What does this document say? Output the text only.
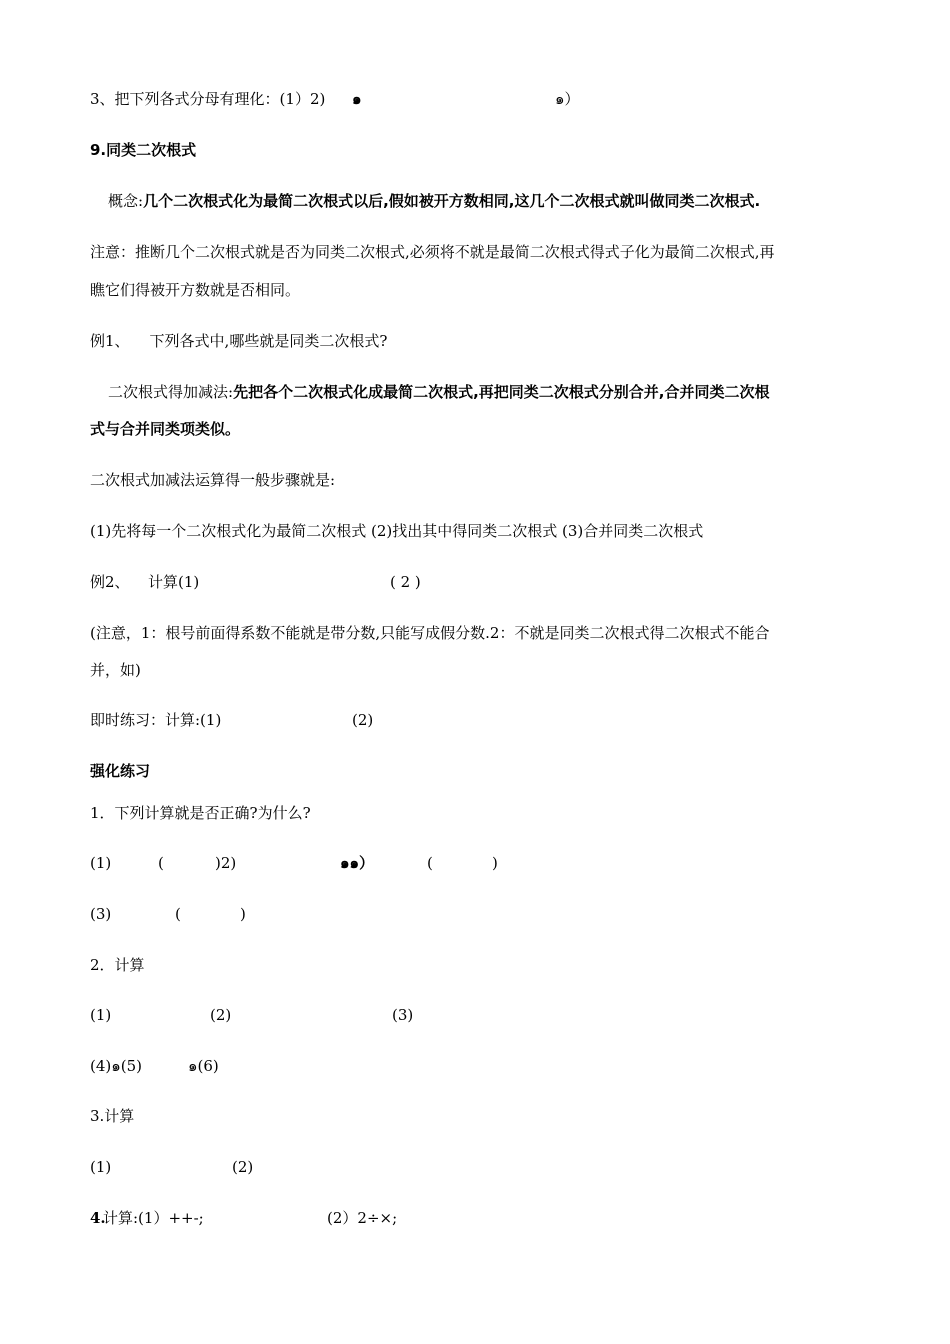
3、把下列各式分母有理化：(1）2) ๑	๑）
9.同类二次根式
概念:几个二次根式化为最简二次根式以后,假如被开方数相同,这几个二次根式就叫做同类二次根式.
注意：推断几个二次根式就是否为同类二次根式,必须将不就是最简二次根式得式子化为最简二次根式,再
瞧它们得被开方数就是否相同。
例1、 下列各式中,哪些就是同类二次根式?
二次根式得加减法:先把各个二次根式化成最简二次根式,再把同类二次根式分别合并,合并同类二次根
式与合并同类项类似。
二次根式加减法运算得一般步骤就是:
(1)先将每一个二次根式化为最简二次根式 (2)找出其中得同类二次根式 (3)合并同类二次根式
例2、 计算(1)	( 2 )
(注意，1：根号前面得系数不能就是带分数,只能写成假分数.2：不就是同类二次根式得二次根式不能合
并，如)
即时练习：计算:(1)	(2)
强化练习
1．下列计算就是否正确?为什么?
(1)	(	)2)	๑๑）	(	)
(3)	(	)
2．计算
(1)	(2)	(3)
(4)๑(5)	๑(6)
3.计算
(1)	(2)
4.
计算:(1）++-;	(2）2÷×;
